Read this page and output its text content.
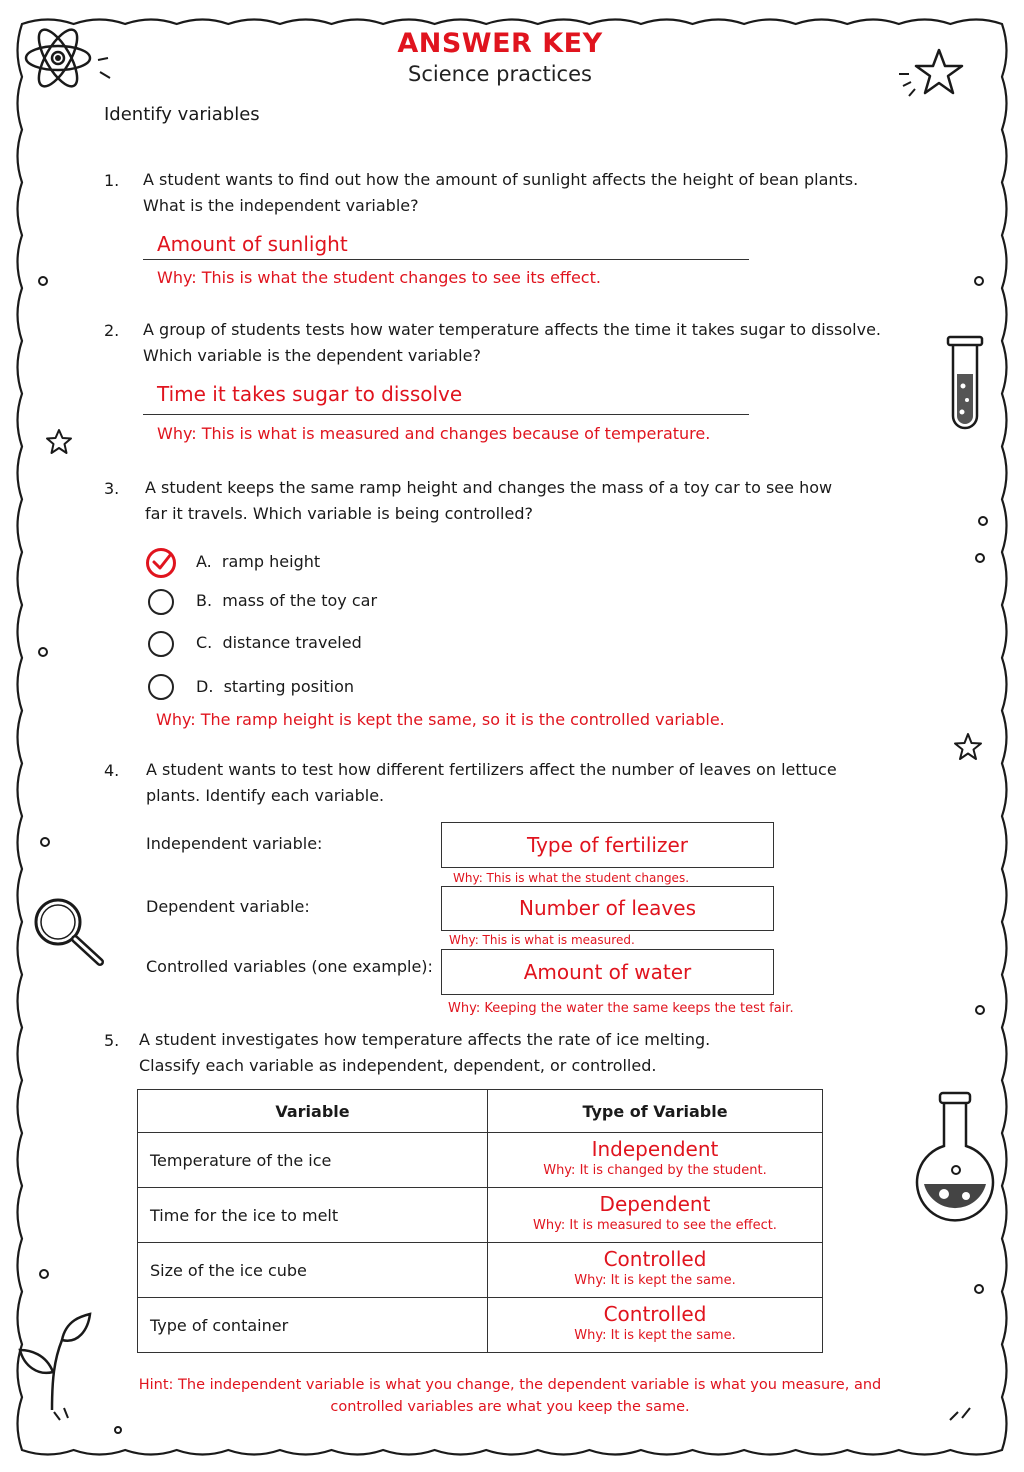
ANSWER KEY
Science practices
Identify variables
1. A student wants to find out how the amount of sunlight affects the height of bean plants.
What is the independent variable?
Amount of sunlight
Why: This is what the student changes to see its effect.
2. A group of students tests how water temperature affects the time it takes sugar to dissolve.
Which variable is the dependent variable?
Time it takes sugar to dissolve
Why: This is what is measured and changes because of temperature.
3. A student keeps the same ramp height and changes the mass of a toy car to see how
far it travels. Which variable is being controlled?
A. ramp height
B. mass of the toy car
C. distance traveled
D. starting position
Why: The ramp height is kept the same, so it is the controlled variable.
4. A student wants to test how different fertilizers affect the number of leaves on lettuce
plants. Identify each variable.
Independent variable:	Type of fertilizer
Why: This is what the student changes.
Dependent variable:	Number of leaves
Why: This is what is measured.
Controlled variables (one example):	Amount of water
Why: Keeping the water the same keeps the test fair.
5. A student investigates how temperature affects the rate of ice melting.
Classify each variable as independent, dependent, or controlled.
Variable	Type of Variable
Temperature of the ice	Independent
Why: It is changed by the student.

Time for the ice to melt	Dependent
Why: It is measured to see the effect.

Size of the ice cube	Controlled
Why: It is kept the same.

Type of container	Controlled
Why: It is kept the same.
Hint: The independent variable is what you change, the dependent variable is what you measure, and
controlled variables are what you keep the same.
